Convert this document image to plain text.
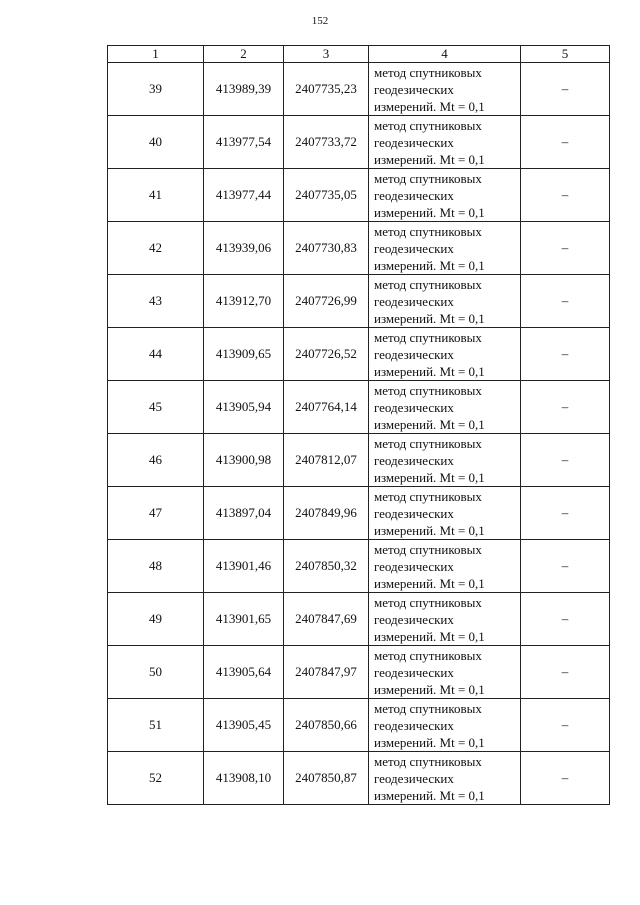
152
1	2	3	4	5
39	413989,39	2407735,23	метод спутниковых
геодезических
измерений. Mt = 0,1	–
40	413977,54	2407733,72	метод спутниковых
геодезических
измерений. Mt = 0,1	–
41	413977,44	2407735,05	метод спутниковых
геодезических
измерений. Mt = 0,1	–
42	413939,06	2407730,83	метод спутниковых
геодезических
измерений. Mt = 0,1	–
43	413912,70	2407726,99	метод спутниковых
геодезических
измерений. Mt = 0,1	–
44	413909,65	2407726,52	метод спутниковых
геодезических
измерений. Mt = 0,1	–
45	413905,94	2407764,14	метод спутниковых
геодезических
измерений. Mt = 0,1	–
46	413900,98	2407812,07	метод спутниковых
геодезических
измерений. Mt = 0,1	–
47	413897,04	2407849,96	метод спутниковых
геодезических
измерений. Mt = 0,1	–
48	413901,46	2407850,32	метод спутниковых
геодезических
измерений. Mt = 0,1	–
49	413901,65	2407847,69	метод спутниковых
геодезических
измерений. Mt = 0,1	–
50	413905,64	2407847,97	метод спутниковых
геодезических
измерений. Mt = 0,1	–
51	413905,45	2407850,66	метод спутниковых
геодезических
измерений. Mt = 0,1	–
52	413908,10	2407850,87	метод спутниковых
геодезических
измерений. Mt = 0,1	–
